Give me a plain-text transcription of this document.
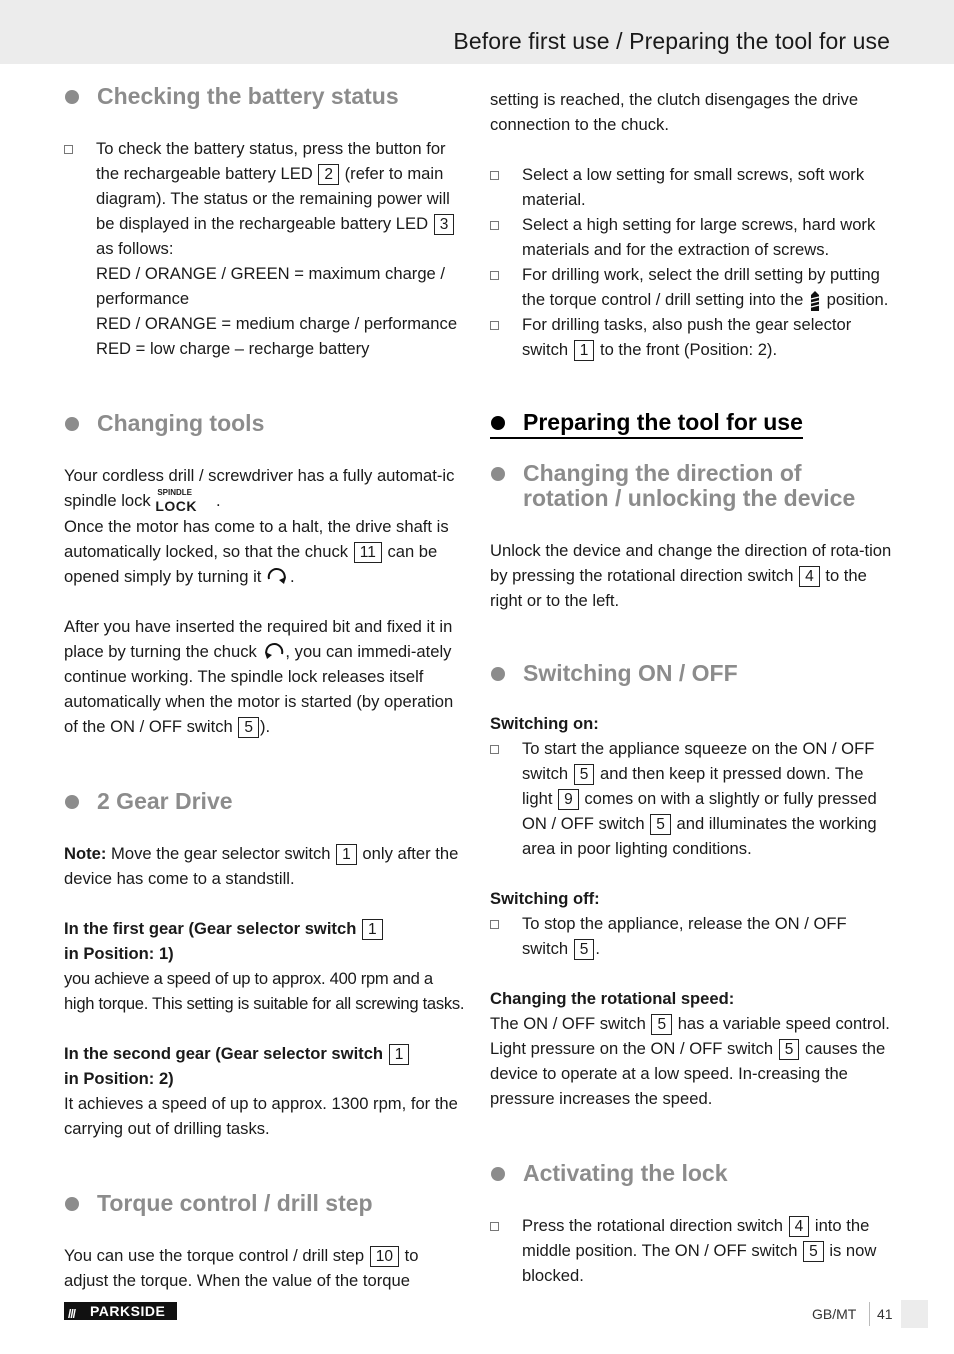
Before first use / Preparing the tool for use
Checking the battery status
To check the battery status, press the button for the rechargeable battery LED 2 (refer to main diagram). The status or the remaining power will be displayed in the rechargeable battery LED 3 as follows:
RED / ORANGE / GREEN = maximum charge / performance
RED / ORANGE = medium charge / performance
RED = low charge – recharge battery
Changing tools

Your cordless drill / screwdriver has a fully automat-ic spindle lock SPINDLE
LOCK .
Once the motor has come to a halt, the drive shaft is automatically locked, so that the chuck 11 can be opened simply by turning it .

After you have inserted the required bit and fixed it in place by turning the chuck , you can immedi-ately continue working. The spindle lock releases itself automatically when the motor is started (by operation of the ON / OFF switch 5 ).

2 Gear Drive

Note: Move the gear selector switch 1 only after the device has come to a standstill.

In the first gear (Gear selector switch 1
in Position: 1)

you achieve a speed of up to approx. 400 rpm and a high torque. This setting is suitable for all screwing tasks.

In the second gear (Gear selector switch 1
in Position: 2)

It achieves a speed of up to approx. 1300 rpm, for the carrying out of drilling tasks.

Torque control / drill step

You can use the torque control / drill step 10 to adjust the torque. When the value of the torque

setting is reached, the clutch disengages the drive connection to the chuck.

Select a low setting for small screws, soft work material.
Select a high setting for large screws, hard work materials and for the extraction of screws.
For drilling work, select the drill setting by putting the torque control / drill setting into the position.
For drilling tasks, also push the gear selector switch 1 to the front (Position: 2).
Preparing the tool for use
Changing the direction of rotation / unlocking the device

Unlock the device and change the direction of rota-tion by pressing the rotational direction switch 4 to the right or to the left.

Switching ON / OFF

Switching on:

To start the appliance squeeze on the ON / OFF switch 5 and then keep it pressed down. The light 9 comes on with a slightly or fully pressed ON / OFF switch 5 and illuminates the working area in poor lighting conditions.

Switching off:

To stop the appliance, release the ON / OFF switch 5 .

Changing the rotational speed:

The ON / OFF switch 5 has a variable speed control. Light pressure on the ON / OFF switch 5 causes the device to operate at a low speed. In-creasing the pressure increases the speed.

Activating the lock
Press the rotational direction switch 4 into the middle position. The ON / OFF switch 5 is now blocked.
/// PARKSIDE	GB/MT 41
